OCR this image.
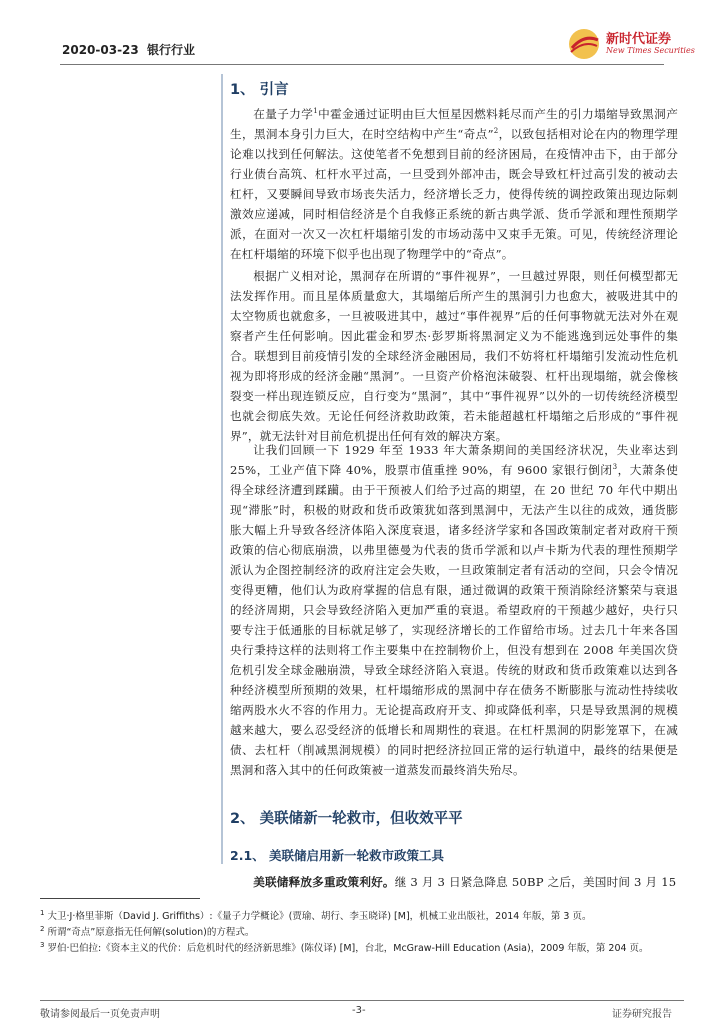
2020-03-23 银行行业
新时代证券
New Times Securities
1、 引言

在量子力学$^1$中霍金通过证明由巨大恒星因燃料耗尽而产生的引力塌缩导致黑洞产生，黑洞本身引力巨大，在时空结构中产生“奇点”$^2$，以致包括相对论在内的物理学理论难以找到任何解法。这使笔者不免想到目前的经济困局，在疫情冲击下，由于部分行业债台高筑、杠杆水平过高，一旦受到外部冲击，既会导致杠杆过高引发的被动去杠杆，又要瞬间导致市场丧失活力，经济增长乏力，使得传统的调控政策出现边际刺激效应递减，同时相信经济是个自我修正系统的新古典学派、货币学派和理性预期学派，在面对一次又一次杠杆塌缩引发的市场动荡中又束手无策。可见，传统经济理论在杠杆塌缩的环境下似乎也出现了物理学中的“奇点”。

根据广义相对论，黑洞存在所谓的“事件视界”，一旦越过界限，则任何模型都无法发挥作用。而且星体质量愈大，其塌缩后所产生的黑洞引力也愈大，被吸进其中的太空物质也就愈多，一旦被吸进其中，越过“事件视界”后的任何事物就无法对外在观察者产生任何影响。因此霍金和罗杰·彭罗斯将黑洞定义为不能逃逸到远处事件的集合。联想到目前疫情引发的全球经济金融困局，我们不妨将杠杆塌缩引发流动性危机视为即将形成的经济金融“黑洞”。一旦资产价格泡沫破裂、杠杆出现塌缩，就会像核裂变一样出现连锁反应，自行变为“黑洞”，其中“事件视界”以外的一切传统经济模型也就会彻底失效。无论任何经济救助政策，若未能超越杠杆塌缩之后形成的“事件视界”，就无法针对目前危机提出任何有效的解决方案。

让我们回顾一下 1929 年至 1933 年大萧条期间的美国经济状况，失业率达到 25%，工业产值下降 40%，股票市值重挫 90%，有 9600 家银行倒闭$^3$，大萧条使得全球经济遭到蹂躏。由于干预被人们给予过高的期望，在 20 世纪 70 年代中期出现“滞胀”时，积极的财政和货币政策犹如落到黑洞中，无法产生以往的成效，通货膨胀大幅上升导致各经济体陷入深度衰退，诸多经济学家和各国政策制定者对政府干预政策的信心彻底崩溃，以弗里德曼为代表的货币学派和以卢卡斯为代表的理性预期学派认为企图控制经济的政府注定会失败，一旦政策制定者有活动的空间，只会令情况变得更糟，他们认为政府掌握的信息有限，通过微调的政策干预消除经济繁荣与衰退的经济周期，只会导致经济陷入更加严重的衰退。希望政府的干预越少越好，央行只要专注于低通胀的目标就足够了，实现经济增长的工作留给市场。过去几十年来各国央行秉持这样的法则将工作主要集中在控制物价上，但没有想到在 2008 年美国次贷危机引发全球金融崩溃，导致全球经济陷入衰退。传统的财政和货币政策难以达到各种经济模型所预期的效果，杠杆塌缩形成的黑洞中存在债务不断膨胀与流动性持续收缩两股水火不容的作用力。无论提高政府开支、抑或降低利率，只是导致黑洞的规模越来越大，要么忍受经济的低增长和周期性的衰退。在杠杆黑洞的阴影笼罩下，在减债、去杠杆（削减黑洞规模）的同时把经济拉回正常的运行轨道中，最终的结果便是黑洞和落入其中的任何政策被一道蒸发而最终消失殆尽。

2、 美联储新一轮救市，但收效平平
2.1、 美联储启用新一轮救市政策工具

美联储释放多重政策利好。继 3 月 3 日紧急降息 50BP 之后，美国时间 3 月 15

$^1$ 大卫·J·格里菲斯（David J. Griffiths）:《量子力学概论》(贾瑜、胡行、李玉晓译) [M]，机械工业出版社，2014 年版，第 3 页。

$^2$ 所谓“奇点”原意指无任何解(solution)的方程式。

$^3$ 罗伯·巴伯拉:《资本主义的代价：后危机时代的经济新思维》(陈仪译) [M]，台北，McGraw-Hill Education (Asia)，2009 年版，第 204 页。

敬请参阅最后一页免责声明	-3-	证券研究报告
